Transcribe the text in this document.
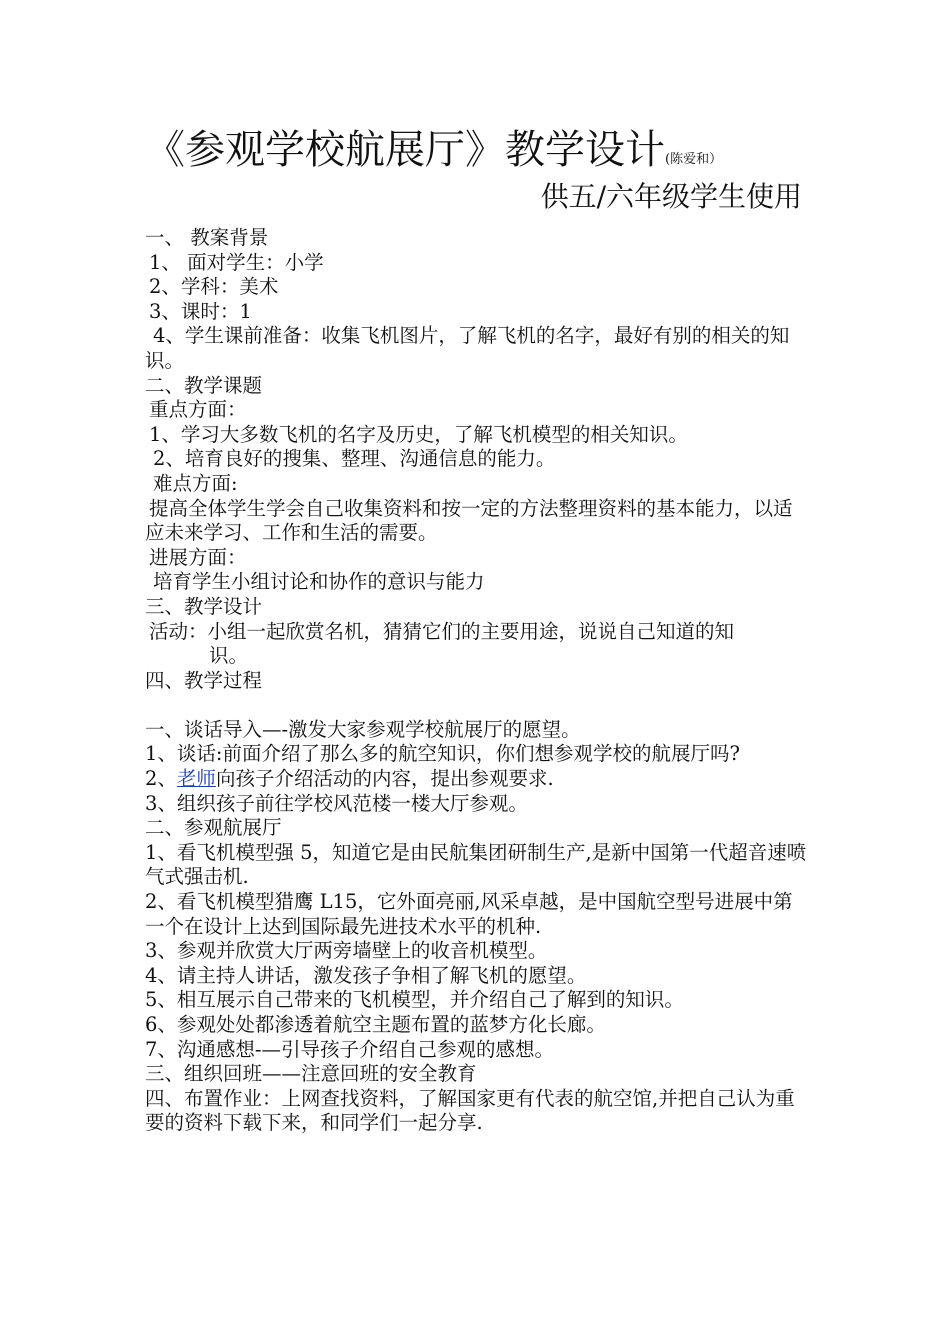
《参观学校航展厅》教学设计(陈爱和）
供五/六年级学生使用

一、 教案背景

1、 面对学生：小学

2、学科：美术

3、课时：1

4、学生课前准备：收集飞机图片，了解飞机的名字，最好有别的相关的知识。

二、教学课题

重点方面：

1、学习大多数飞机的名字及历史，了解飞机模型的相关知识。

2、培育良好的搜集、整理、沟通信息的能力。

难点方面:

提高全体学生学会自己收集资料和按一定的方法整理资料的基本能力，以适应未来学习、工作和生活的需要。

进展方面：

培育学生小组讨论和协作的意识与能力

三、教学设计

活动：小组一起欣赏名机，猜猜它们的主要用途，说说自己知道的知
识。

四、教学过程

一、谈话导入—-激发大家参观学校航展厅的愿望。

1、谈话:前面介绍了那么多的航空知识，你们想参观学校的航展厅吗?

2、老师向孩子介绍活动的内容，提出参观要求.

3、组织孩子前往学校风范楼一楼大厅参观。

二、参观航展厅

1、看飞机模型强 5，知道它是由民航集团研制生产,是新中国第一代超音速喷气式强击机.

2、看飞机模型猎鹰 L15，它外面亮丽,风采卓越，是中国航空型号进展中第一个在设计上达到国际最先进技术水平的机种.

3、参观并欣赏大厅两旁墙壁上的收音机模型。

4、请主持人讲话，激发孩子争相了解飞机的愿望。

5、相互展示自己带来的飞机模型，并介绍自己了解到的知识。

6、参观处处都渗透着航空主题布置的蓝梦方化长廊。

7、沟通感想-—引导孩子介绍自己参观的感想。

三、组织回班——注意回班的安全教育

四、布置作业：上网查找资料，了解国家更有代表的航空馆,并把自己认为重要的资料下载下来，和同学们一起分享.
